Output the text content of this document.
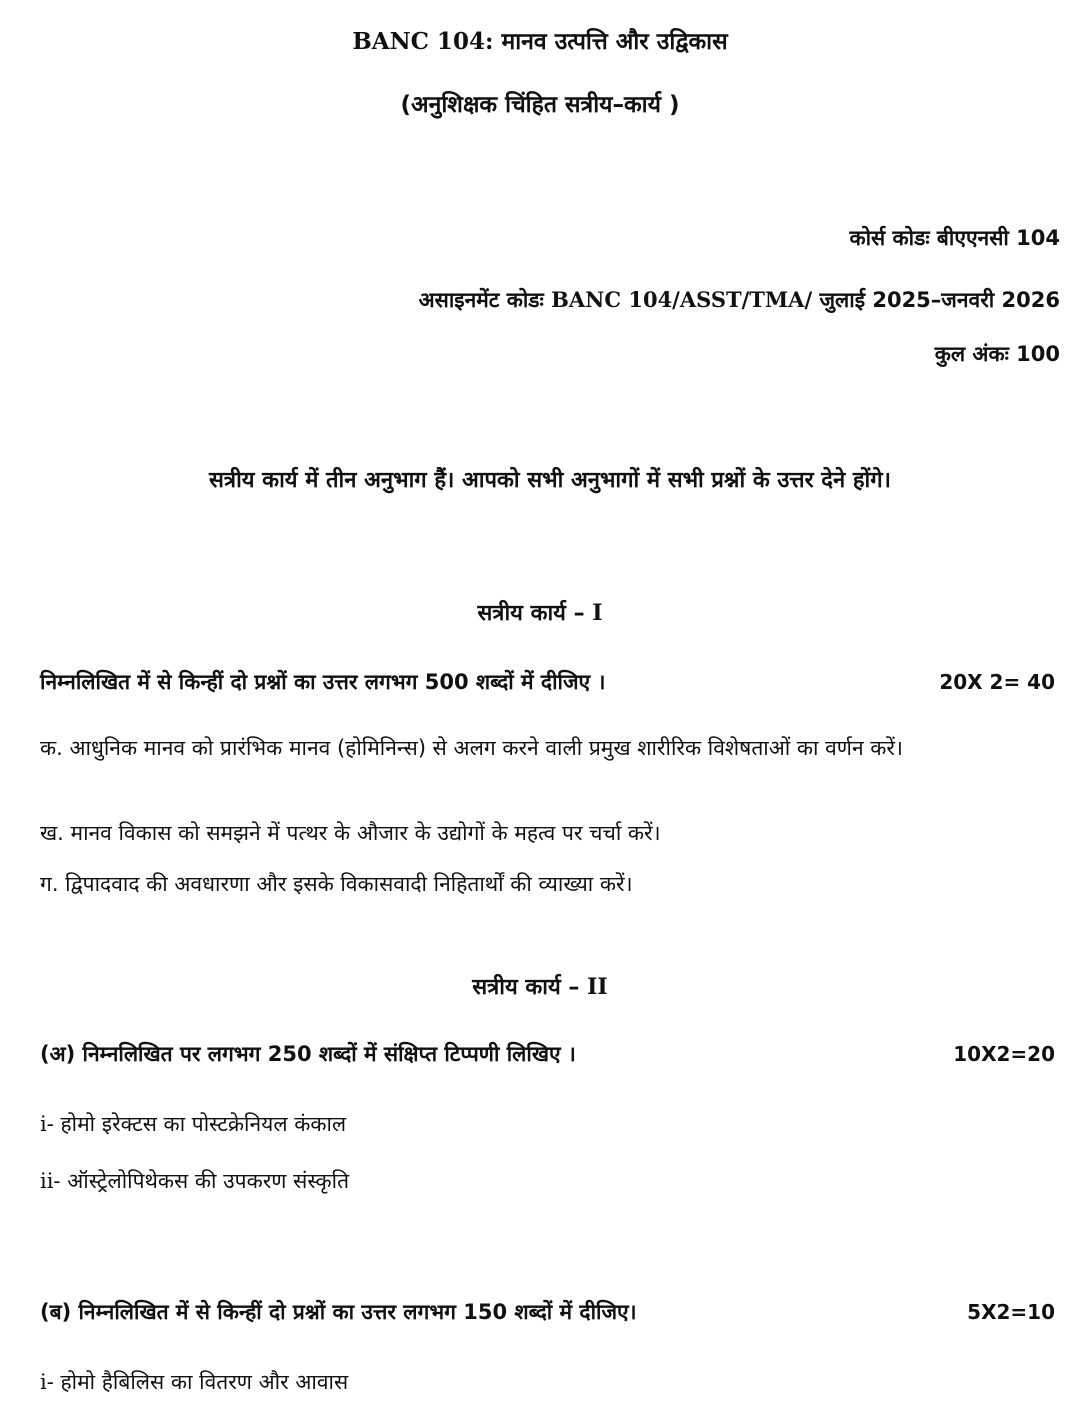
BANC 104: मानव उत्पत्ति और उद्विकास
(अनुशिक्षक चिंहित सत्रीय–कार्य )
कोर्स कोडः बीएएनसी 104
असाइनमेंट कोडः BANC 104/ASST/TMA/ जुलाई 2025–जनवरी 2026
कुल अंकः 100
सत्रीय कार्य में तीन अनुभाग हैं। आपको सभी अनुभागों में सभी प्रश्नों के उत्तर देने होंगे।
सत्रीय कार्य – I
निम्नलिखित में से किन्हीं दो प्रश्नों का उत्तर लगभग 500 शब्दों में दीजिए ।	20X 2= 40
क. आधुनिक मानव को प्रारंभिक मानव (होमिनिन्स) से अलग करने वाली प्रमुख शारीरिक विशेषताओं का वर्णन करें।
ख. मानव विकास को समझने में पत्थर के औजार के उद्योगों के महत्व पर चर्चा करें।
ग. द्विपादवाद की अवधारणा और इसके विकासवादी निहितार्थों की व्याख्या करें।
सत्रीय कार्य – II
(अ) निम्नलिखित पर लगभग 250 शब्दों में संक्षिप्त टिप्पणी लिखिए ।	10X2=20
i- होमो इरेक्टस का पोस्टक्रेनियल कंकाल
ii- ऑस्ट्रेलोपिथेकस की उपकरण संस्कृति
(ब) निम्नलिखित में से किन्हीं दो प्रश्नों का उत्तर लगभग 150 शब्दों में दीजिए।	5X2=10
i- होमो हैबिलिस का वितरण और आवास
